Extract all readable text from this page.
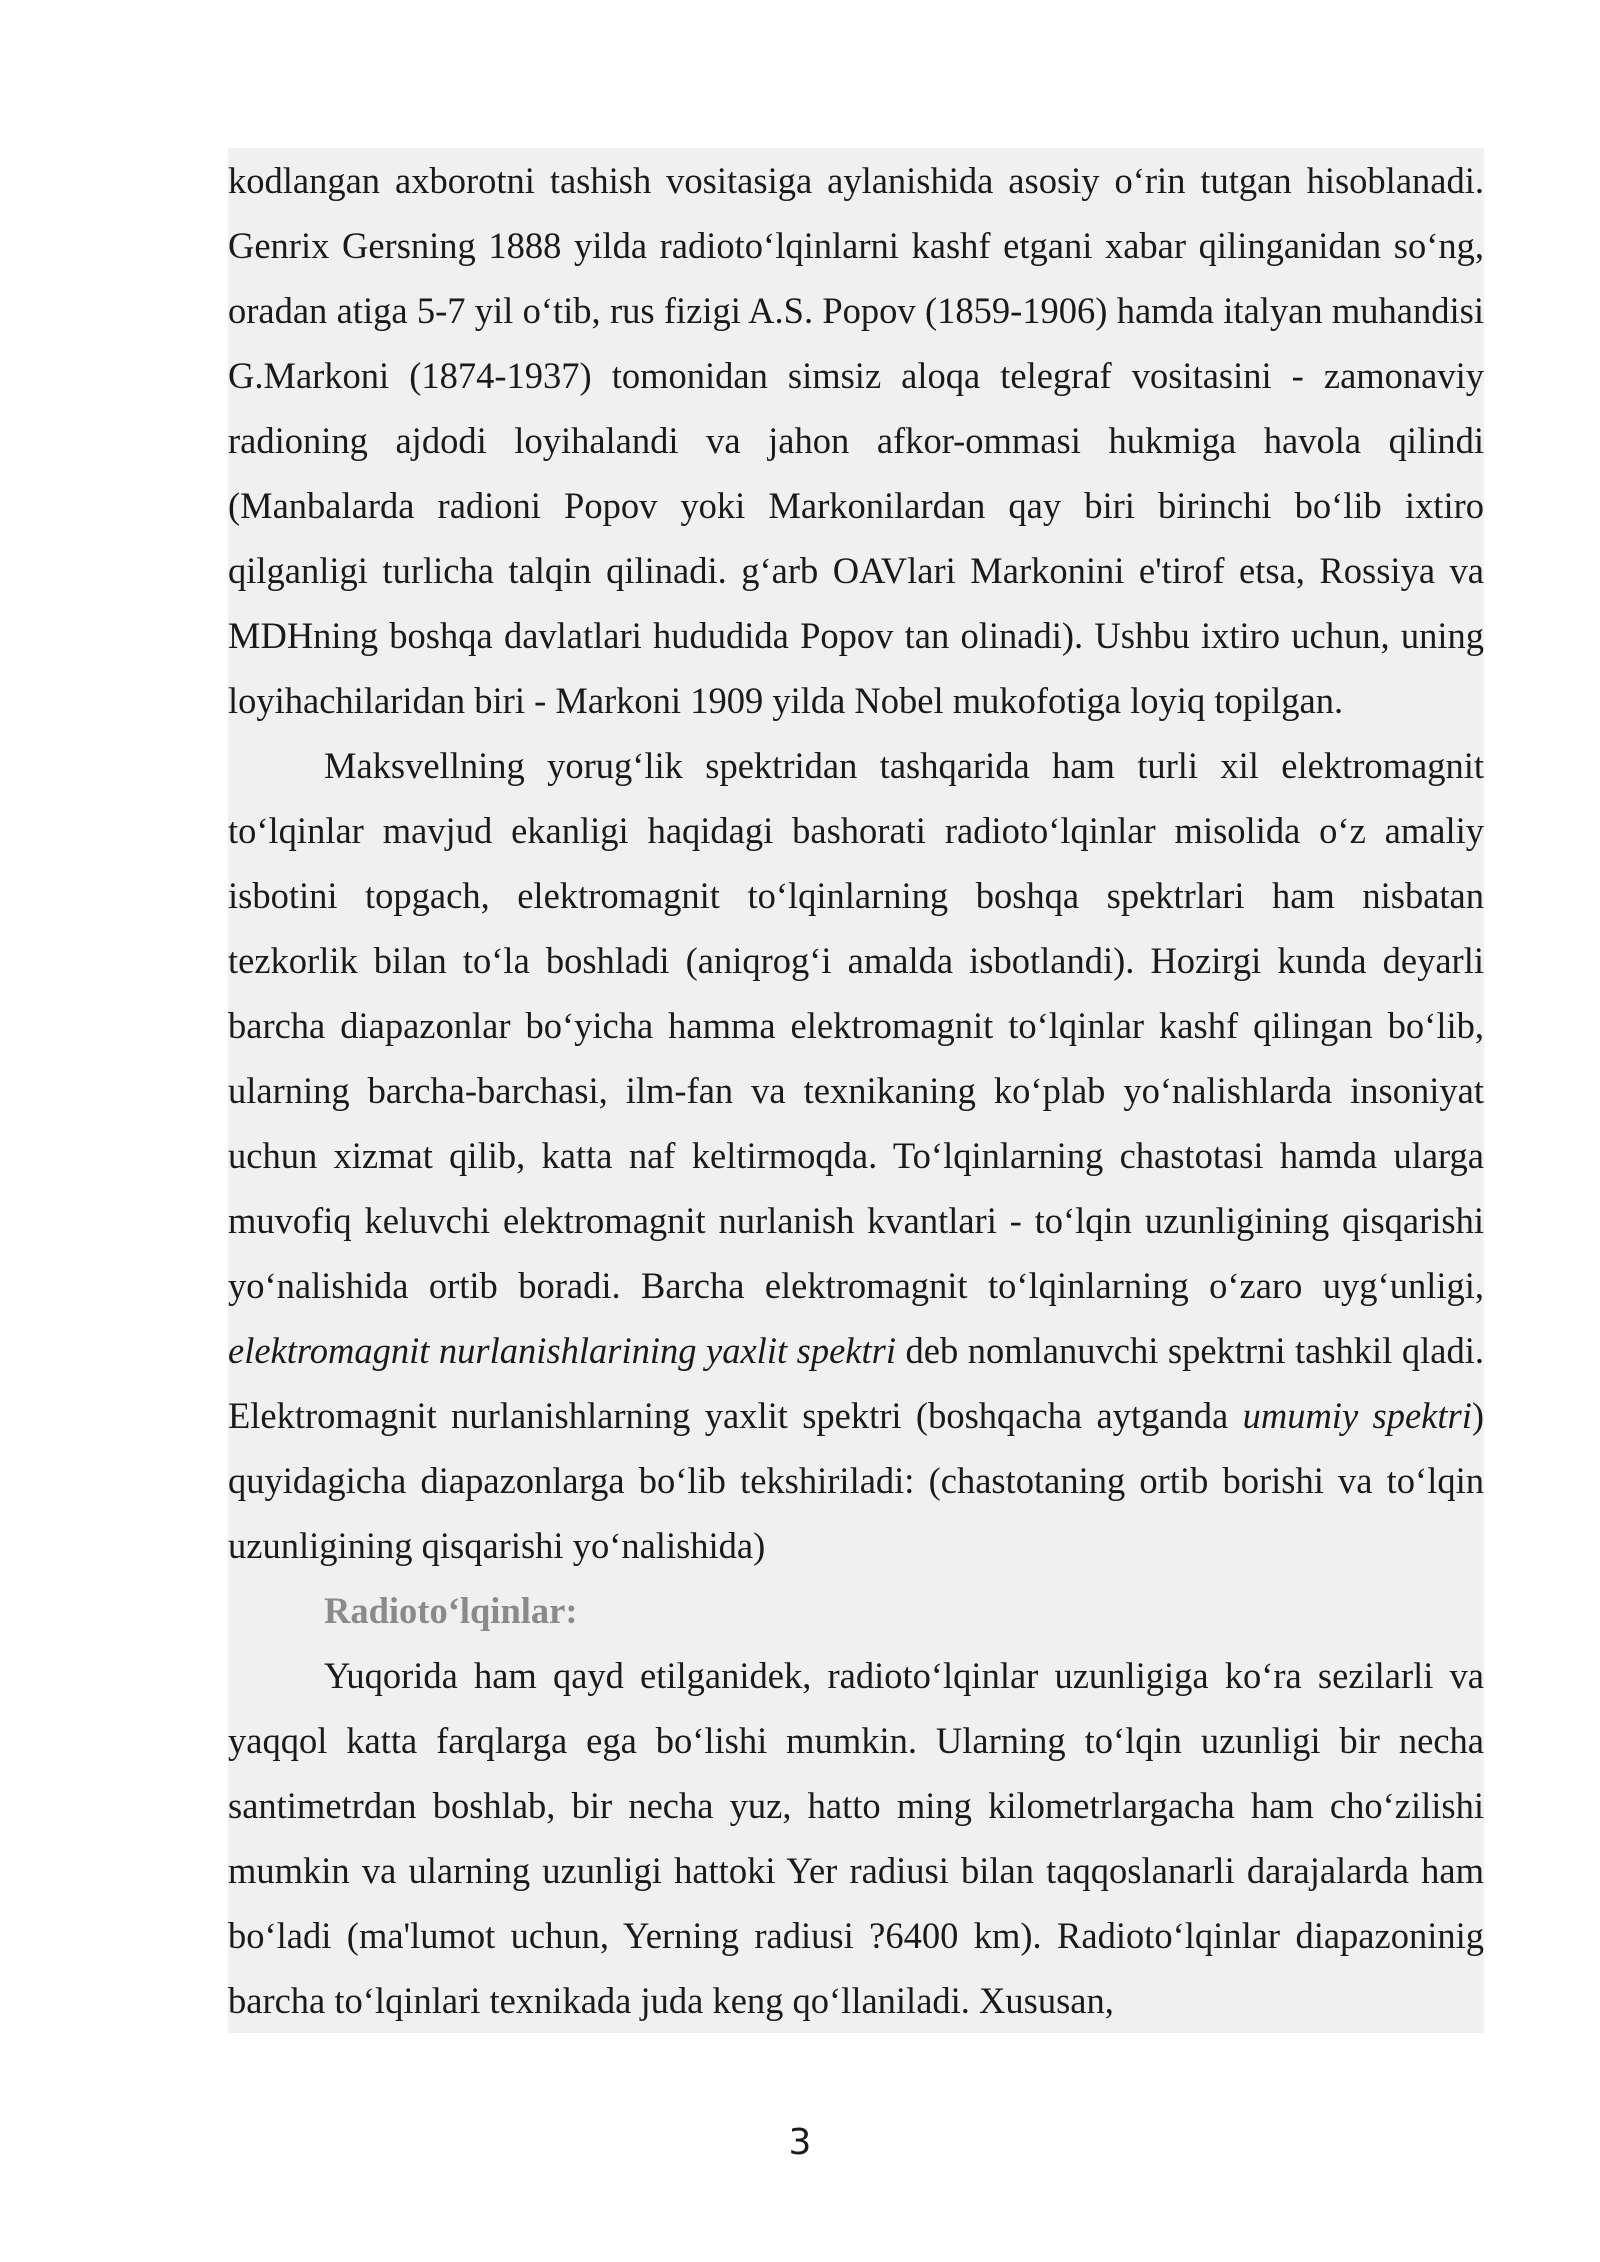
kodlangan axborotni tashish vositasiga aylanishida asosiy o‘rin tutgan hisoblanadi. Genrix Gersning 1888 yilda radioto‘lqinlarni kashf etgani xabar qilinganidan so‘ng, oradan atiga 5-7 yil o‘tib, rus fizigi A.S. Popov (1859-1906) hamda italyan muhandisi G.Markoni (1874-1937) tomonidan simsiz aloqa telegraf vositasini - zamonaviy radioning ajdodi loyihalandi va jahon afkor-ommasi hukmiga havola qilindi (Manbalarda radioni Popov yoki Markonilardan qay biri birinchi bo‘lib ixtiro qilganligi turlicha talqin qilinadi. g‘arb OAVlari Markonini e'tirof etsa, Rossiya va MDHning boshqa davlatlari hududida Popov tan olinadi). Ushbu ixtiro uchun, uning loyihachilaridan biri - Markoni 1909 yilda Nobel mukofotiga loyiq topilgan.

Maksvellning yorug‘lik spektridan tashqarida ham turli xil elektromagnit to‘lqinlar mavjud ekanligi haqidagi bashorati radioto‘lqinlar misolida o‘z amaliy isbotini topgach, elektromagnit to‘lqinlarning boshqa spektrlari ham nisbatan tezkorlik bilan to‘la boshladi (aniqrog‘i amalda isbotlandi). Hozirgi kunda deyarli barcha diapazonlar bo‘yicha hamma elektromagnit to‘lqinlar kashf qilingan bo‘lib, ularning barcha-barchasi, ilm-fan va texnikaning ko‘plab yo‘nalishlarda insoniyat uchun xizmat qilib, katta naf keltirmoqda. To‘lqinlarning chastotasi hamda ularga muvofiq keluvchi elektromagnit nurlanish kvantlari - to‘lqin uzunligining qisqarishi yo‘nalishida ortib boradi. Barcha elektromagnit to‘lqinlarning o‘zaro uyg‘unligi, elektromagnit nurlanishlarining yaxlit spektri deb nomlanuvchi spektrni tashkil qladi. Elektromagnit nurlanishlarning yaxlit spektri (boshqacha aytganda umumiy spektri) quyidagicha diapazonlarga bo‘lib tekshiriladi: (chastotaning ortib borishi va to‘lqin uzunligining qisqarishi yo‘nalishida)

Radioto‘lqinlar:

Yuqorida ham qayd etilganidek, radioto‘lqinlar uzunligiga ko‘ra sezilarli va yaqqol katta farqlarga ega bo‘lishi mumkin. Ularning to‘lqin uzunligi bir necha santimetrdan boshlab, bir necha yuz, hatto ming kilometrlargacha ham cho‘zilishi mumkin va ularning uzunligi hattoki Yer radiusi bilan taqqoslanarli darajalarda ham bo‘ladi (ma'lumot uchun, Yerning radiusi ?6400 km). Radioto‘lqinlar diapazoninig barcha to‘lqinlari texnikada juda keng qo‘llaniladi. Xususan,

3
